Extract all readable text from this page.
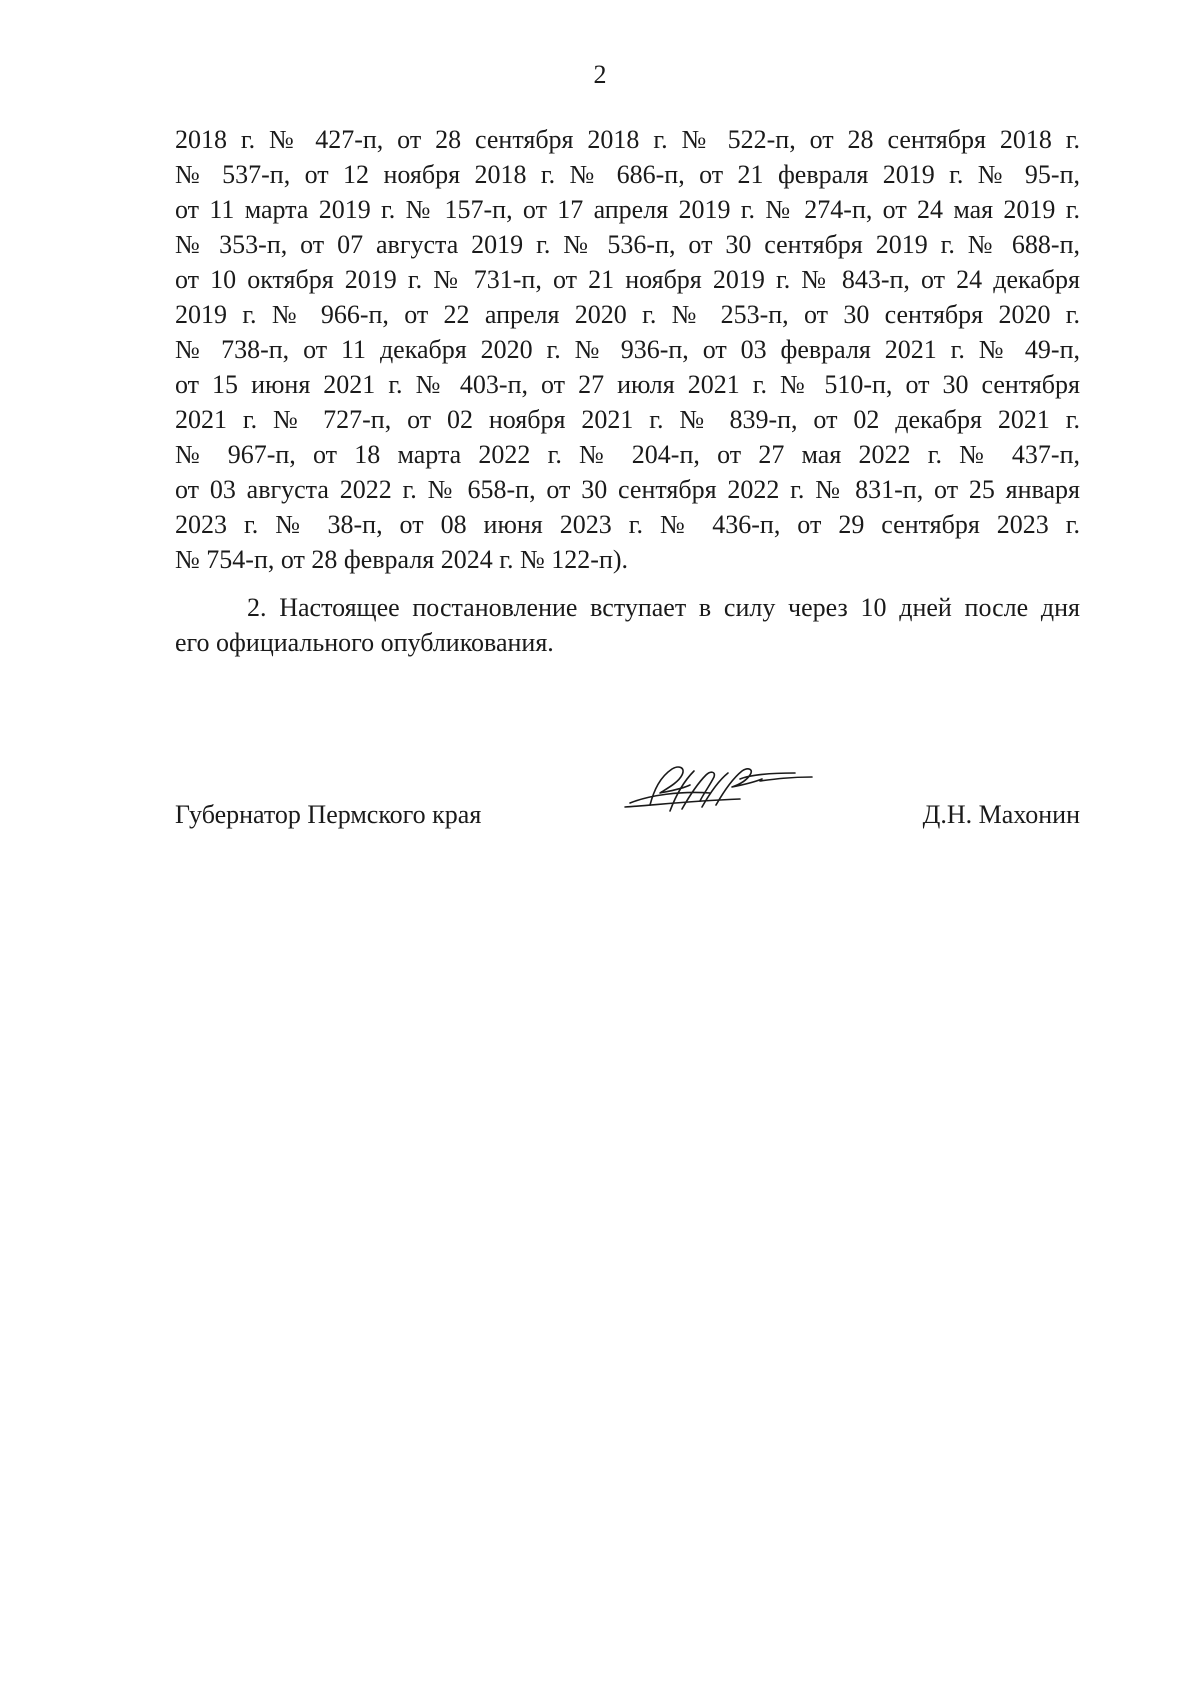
2
2018 г. № 427-п, от 28 сентября 2018 г. № 522-п, от 28 сентября 2018 г.
№ 537-п, от 12 ноября 2018 г. № 686-п, от 21 февраля 2019 г. № 95-п,
от 11 марта 2019 г. № 157-п, от 17 апреля 2019 г. № 274-п, от 24 мая 2019 г.
№ 353-п, от 07 августа 2019 г. № 536-п, от 30 сентября 2019 г. № 688-п,
от 10 октября 2019 г. № 731-п, от 21 ноября 2019 г. № 843-п, от 24 декабря
2019 г. № 966-п, от 22 апреля 2020 г. № 253-п, от 30 сентября 2020 г.
№ 738-п, от 11 декабря 2020 г. № 936-п, от 03 февраля 2021 г. № 49-п,
от 15 июня 2021 г. № 403-п, от 27 июля 2021 г. № 510-п, от 30 сентября
2021 г. № 727-п, от 02 ноября 2021 г. № 839-п, от 02 декабря 2021 г.
№ 967-п, от 18 марта 2022 г. № 204-п, от 27 мая 2022 г. № 437-п,
от 03 августа 2022 г. № 658-п, от 30 сентября 2022 г. № 831-п, от 25 января
2023 г. № 38-п, от 08 июня 2023 г. № 436-п, от 29 сентября 2023 г.
№ 754-п, от 28 февраля 2024 г. № 122-п).
2. Настоящее постановление вступает в силу через 10 дней после дня
его официального опубликования.
Губернатор Пермского края	Д.Н. Махонин
